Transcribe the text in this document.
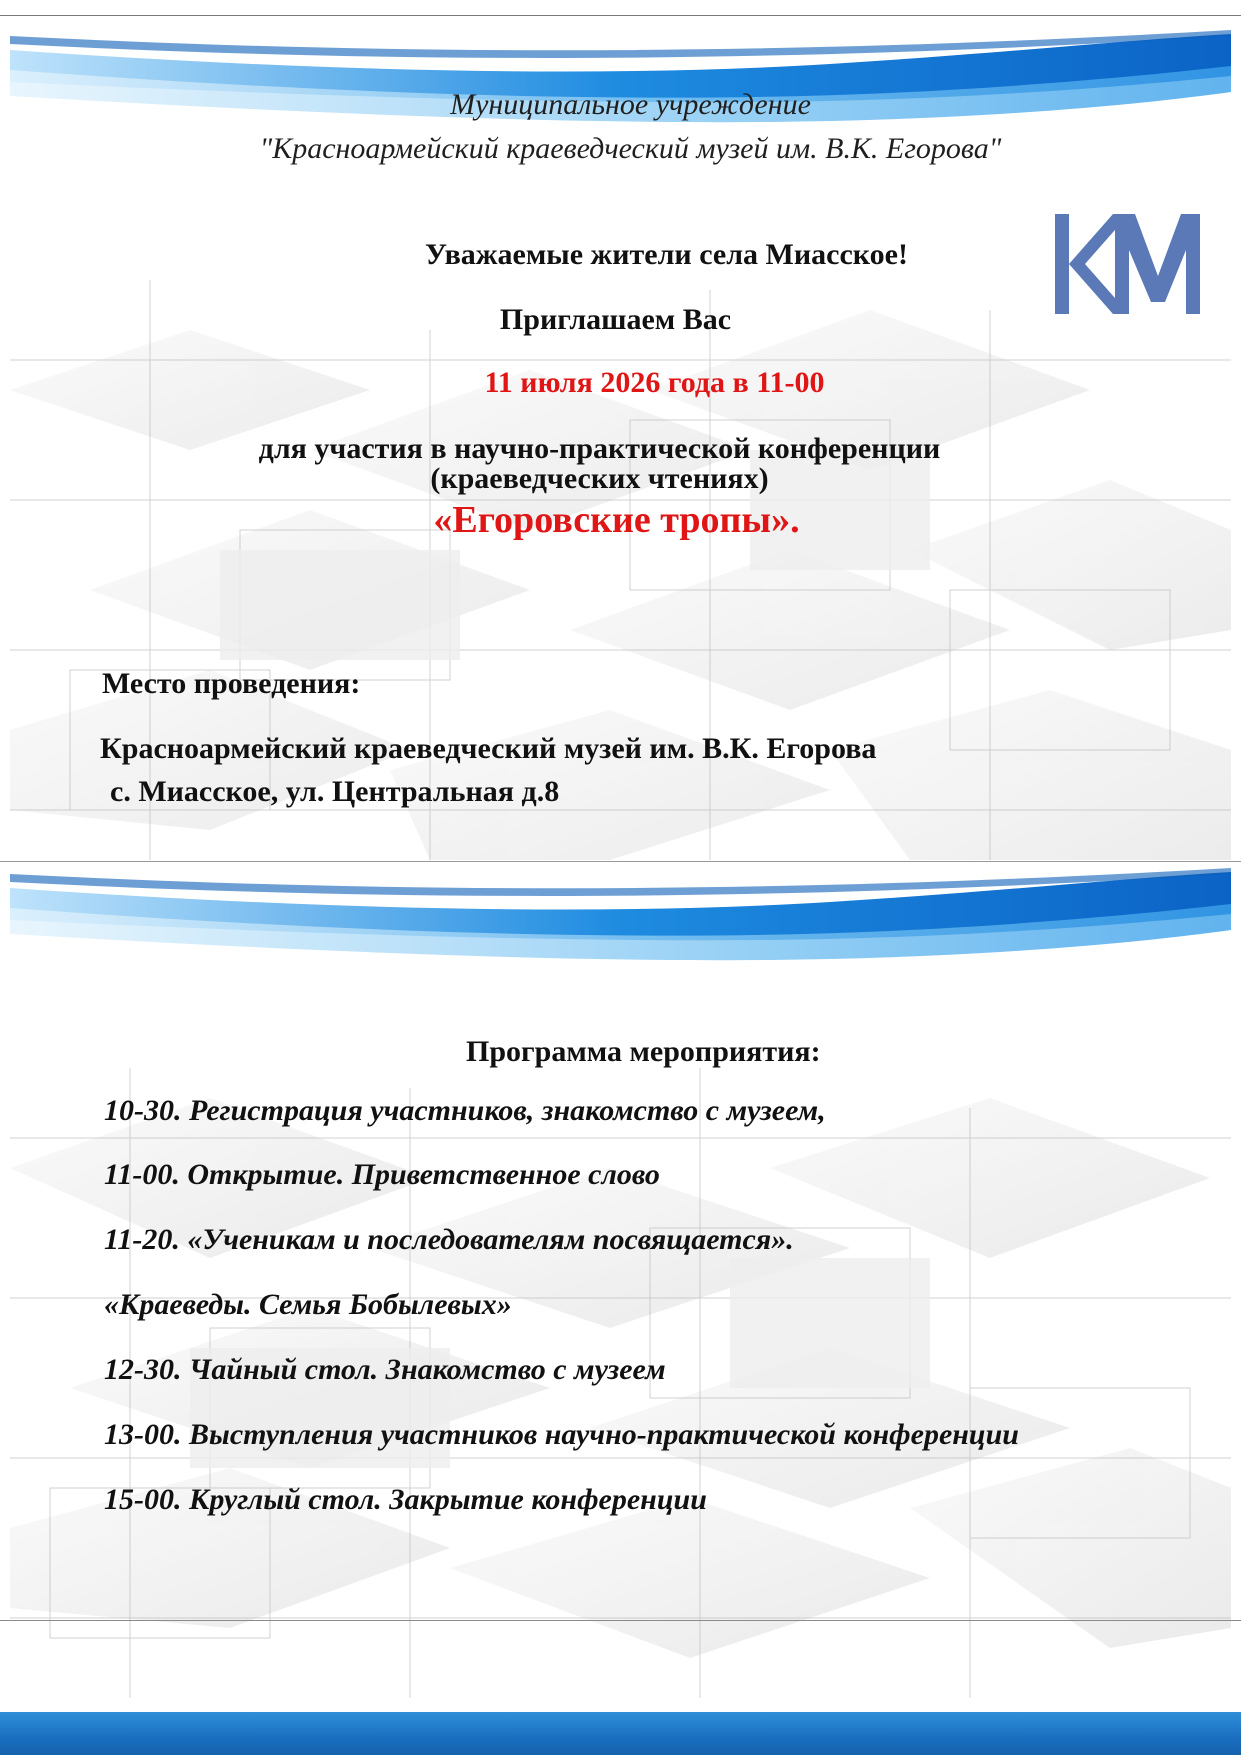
Муниципальное учреждение
"Красноармейский краеведческий музей им. В.К. Егорова"
Уважаемые жители села Миасское!
Приглашаем Вас
11 июля 2026 года в 11-00
для участия в научно-практической конференции
(краеведческих чтениях)
«Егоровские тропы».
Место проведения:
Красноармейский краеведческий музей им. В.К. Егорова
с. Миасское, ул. Центральная д.8
Программа мероприятия:
10-30. Регистрация участников, знакомство с музеем,
11-00. Открытие. Приветственное слово
11-20. «Ученикам и последователям посвящается».
«Краеведы. Семья Бобылевых»
12-30. Чайный стол. Знакомство с музеем
13-00. Выступления участников научно-практической конференции
15-00. Круглый стол. Закрытие конференции
